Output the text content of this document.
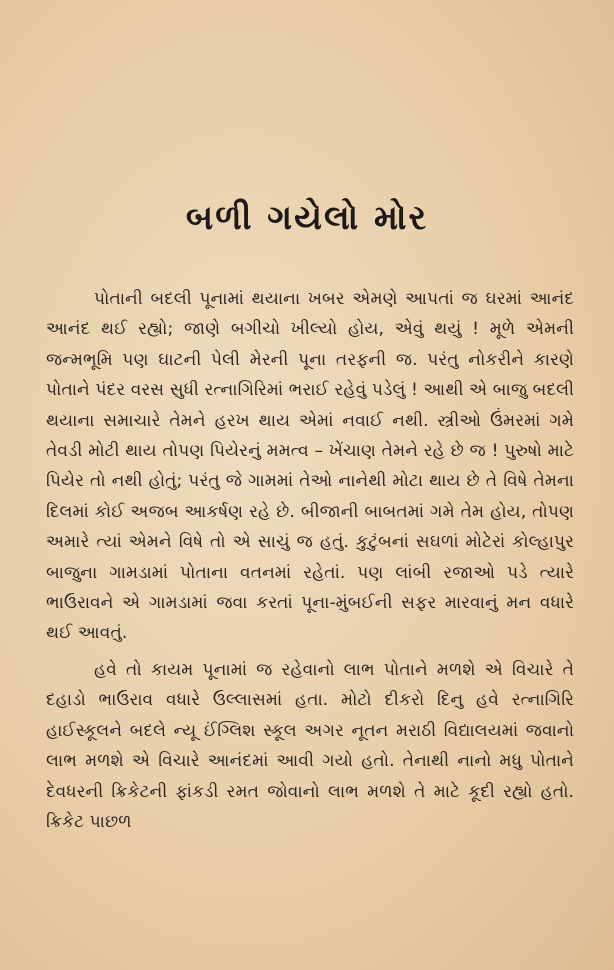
બળી ગયેલો મોર

પોતાની બદલી પૂનામાં થયાના ખબર એમણે આપતાં જ ઘરમાં આનંદ આનંદ થઈ રહ્યો; જાણે બગીચો ખીલ્યો હોય, એવું થયું ! મૂળે એમની જન્મભૂમિ પણ ઘાટની પેલી મેરની પૂના તરફની જ. પરંતુ નોકરીને કારણે પોતાને પંદર વરસ સુધી રત્નાગિરિમાં ભરાઈ રહેવું પડેલું ! આથી એ બાજુ બદલી થયાના સમાચારે તેમને હરખ થાય એમાં નવાઈ નથી. સ્ત્રીઓ ઉંમરમાં ગમે તેવડી મોટી થાય તોપણ પિયેરનું મમત્વ – ખેંચાણ તેમને રહે છે જ ! પુરુષો માટે પિયેર તો નથી હોતું; પરંતુ જે ગામમાં તેઓ નાનેથી મોટા થાય છે તે વિષે તેમના દિલમાં કોઈ અજબ આકર્ષણ રહે છે. બીજાની બાબતમાં ગમે તેમ હોય, તોપણ અમારે ત્યાં એમને વિષે તો એ સાચું જ હતું. કુટુંબનાં સઘળાં મોટેરાં કોલ્હાપુર બાજુના ગામડામાં પોતાના વતનમાં રહેતાં. પણ લાંબી રજાઓ પડે ત્યારે ભાઉરાવને એ ગામડામાં જવા કરતાં પૂના-મુંબઈની સફર મારવાનું મન વધારે થઈ આવતું.

હવે તો કાયમ પૂનામાં જ રહેવાનો લાભ પોતાને મળશે એ વિચારે તે દહાડો ભાઉરાવ વધારે ઉલ્લાસમાં હતા. મોટો દીકરો દિનુ હવે રત્નાગિરિ હાઈસ્કૂલને બદલે ન્યૂ ઈંગ્લિશ સ્કૂલ અગર નૂતન મરાઠી વિદ્યાલયમાં જવાનો લાભ મળશે એ વિચારે આનંદમાં આવી ગયો હતો. તેનાથી નાનો મધુ પોતાને દેવધરની ક્રિકેટની ફાંકડી રમત જોવાનો લાભ મળશે તે માટે કૂદી રહ્યો હતો. ક્રિકેટ પાછળ
